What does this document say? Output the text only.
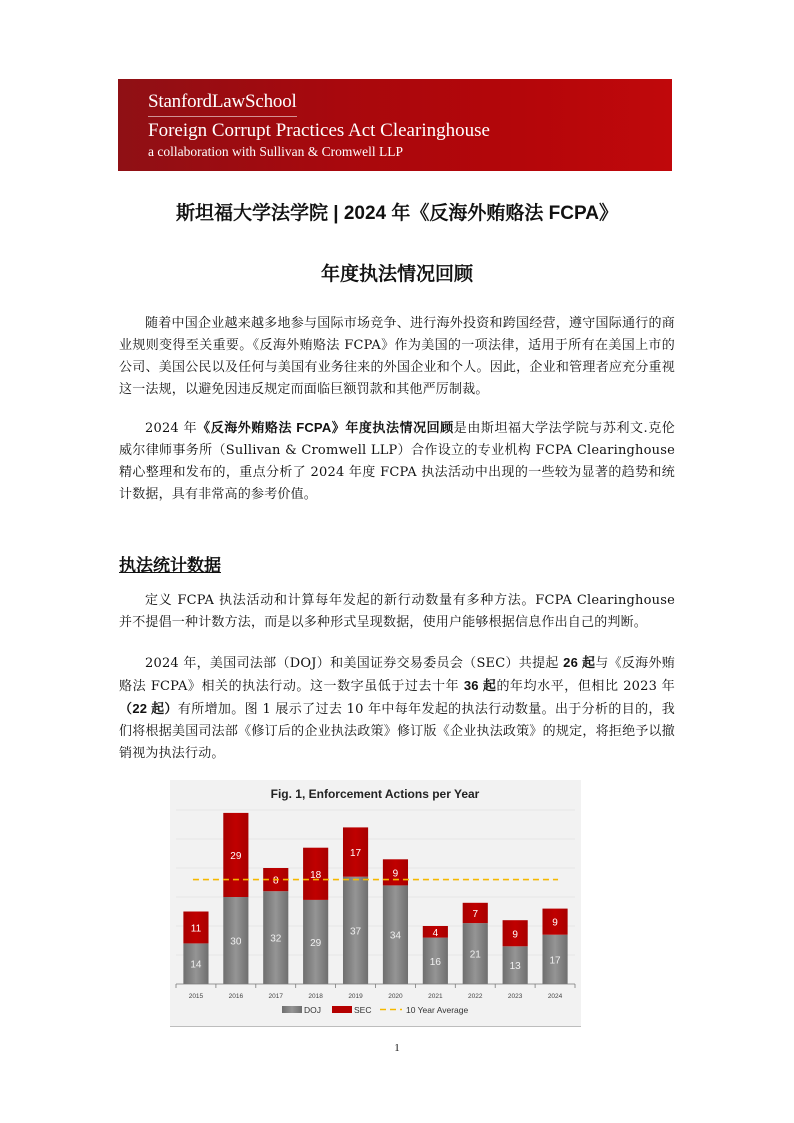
StanfordLawSchool
Foreign Corrupt Practices Act Clearinghouse
a collaboration with Sullivan & Cromwell LLP
斯坦福大学法学院 | 2024 年《反海外贿赂法 FCPA》
年度执法情况回顾

随着中国企业越来越多地参与国际市场竞争、进行海外投资和跨国经营，遵守国际通行的商业规则变得至关重要。《反海外贿赂法 FCPA》作为美国的一项法律，适用于所有在美国上市的公司、美国公民以及任何与美国有业务往来的外国企业和个人。因此，企业和管理者应充分重视这一法规，以避免因违反规定而面临巨额罚款和其他严厉制裁。

2024 年《反海外贿赂法 FCPA》年度执法情况回顾是由斯坦福大学法学院与苏利文.克伦威尔律师事务所（Sullivan & Cromwell LLP）合作设立的专业机构 FCPA Clearinghouse 精心整理和发布的，重点分析了 2024 年度 FCPA 执法活动中出现的一些较为显著的趋势和统计数据，具有非常高的参考价值。

执法统计数据

定义 FCPA 执法活动和计算每年发起的新行动数量有多种方法。FCPA Clearinghouse 并不提倡一种计数方法，而是以多种形式呈现数据，使用户能够根据信息作出自己的判断。

2024 年，美国司法部（DOJ）和美国证券交易委员会（SEC）共提起 26 起与《反海外贿赂法 FCPA》相关的执法行动。这一数字虽低于过去十年 36 起的年均水平，但相比 2023 年（22 起）有所增加。图 1 展示了过去 10 年中每年发起的执法行动数量。出于分析的目的，我们将根据美国司法部《修订后的企业执法政策》修订版《企业执法政策》的规定，将拒绝予以撤销视为执法行动。

Fig. 1, Enforcement Actions per Year
14
11
30
29
32
8
29
18
37
17
34
9
16
4
21
7
13
9
17
9
2015	2016	2017	2018	2019	2020	2021	2022	2023	2024
DOJ	SEC	10 Year Average
1
